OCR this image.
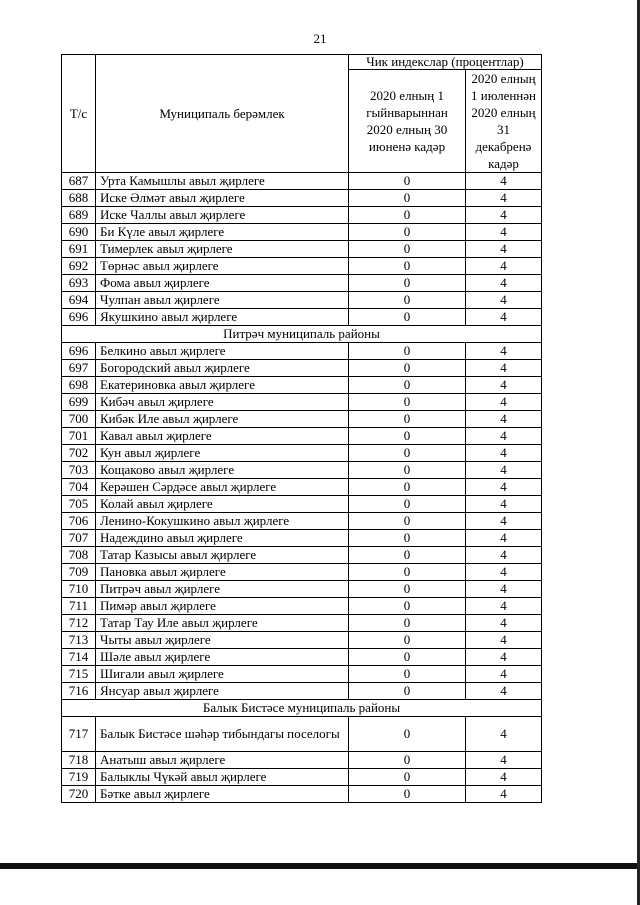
21
Т/с	Муниципаль берәмлек	Чик индекслар (процентлар)	
		2020 елның 1 гыйнварыннан 2020 елның 30 июненә кадәр	2020 елның 1 июленнән 2020 елның 31 декабренә кадәр
687	Урта Камышлы авыл җирлеге	0	4
688	Иске Әлмәт авыл җирлеге	0	4
689	Иске Чаллы авыл җирлеге	0	4
690	Би Күле авыл җирлеге	0	4
691	Тимерлек авыл җирлеге	0	4
692	Төрнәс авыл җирлеге	0	4
693	Фома авыл җирлеге	0	4
694	Чулпан авыл җирлеге	0	4
696	Якушкино авыл җирлеге	0	4
Питрәч муниципаль районы			
696	Белкино авыл җирлеге	0	4
697	Богородский авыл җирлеге	0	4
698	Екатериновка авыл җирлеге	0	4
699	Кибәч авыл җирлеге	0	4
700	Кибәк Иле авыл җирлеге	0	4
701	Кавал авыл җирлеге	0	4
702	Кун авыл җирлеге	0	4
703	Кощаково авыл җирлеге	0	4
704	Керәшен Сәрдәсе авыл җирлеге	0	4
705	Колай авыл җирлеге	0	4
706	Ленино-Кокушкино авыл җирлеге	0	4
707	Надеждино авыл җирлеге	0	4
708	Татар Казысы авыл җирлеге	0	4
709	Пановка авыл җирлеге	0	4
710	Питрәч авыл җирлеге	0	4
711	Пимәр авыл җирлеге	0	4
712	Татар Тау Иле авыл җирлеге	0	4
713	Чыты авыл җирлеге	0	4
714	Шәле авыл җирлеге	0	4
715	Шигали авыл җирлеге	0	4
716	Янсуар авыл җирлеге	0	4
Балык Бистәсе муниципаль районы			
717	Балык Бистәсе шәһәр тибындагы поселогы	0	4
718	Анатыш авыл җирлеге	0	4
719	Балыклы Чүкәй авыл җирлеге	0	4
720	Бәтке авыл җирлеге	0	4
